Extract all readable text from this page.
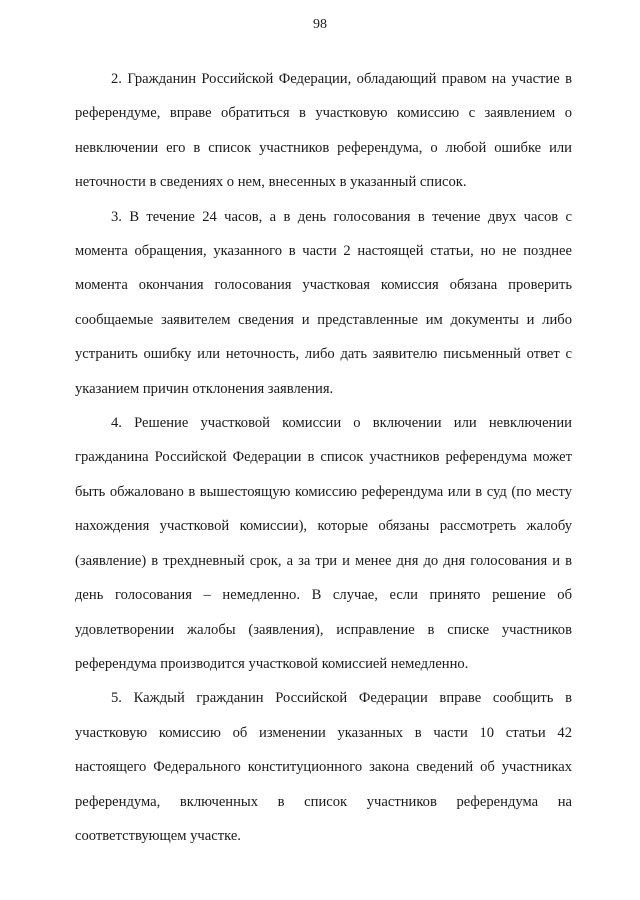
98

2. Гражданин Российской Федерации, обладающий правом на участие в референдуме, вправе обратиться в участковую комиссию с заявлением о невключении его в список участников референдума, о любой ошибке или неточности в сведениях о нем, внесенных в указанный список.

3. В течение 24 часов, а в день голосования в течение двух часов с момента обращения, указанного в части 2 настоящей статьи, но не позднее момента окончания голосования участковая комиссия обязана проверить сообщаемые заявителем сведения и представленные им документы и либо устранить ошибку или неточность, либо дать заявителю письменный ответ с указанием причин отклонения заявления.

4. Решение участковой комиссии о включении или невключении гражданина Российской Федерации в список участников референдума может быть обжаловано в вышестоящую комиссию референдума или в суд (по месту нахождения участковой комиссии), которые обязаны рассмотреть жалобу (заявление) в трехдневный срок, а за три и менее дня до дня голосования и в день голосования – немедленно. В случае, если принято решение об удовлетворении жалобы (заявления), исправление в списке участников референдума производится участковой комиссией немедленно.

5. Каждый гражданин Российской Федерации вправе сообщить в участковую комиссию об изменении указанных в части 10 статьи 42 настоящего Федерального конституционного закона сведений об участниках референдума, включенных в список участников референдума на соответствующем участке.
